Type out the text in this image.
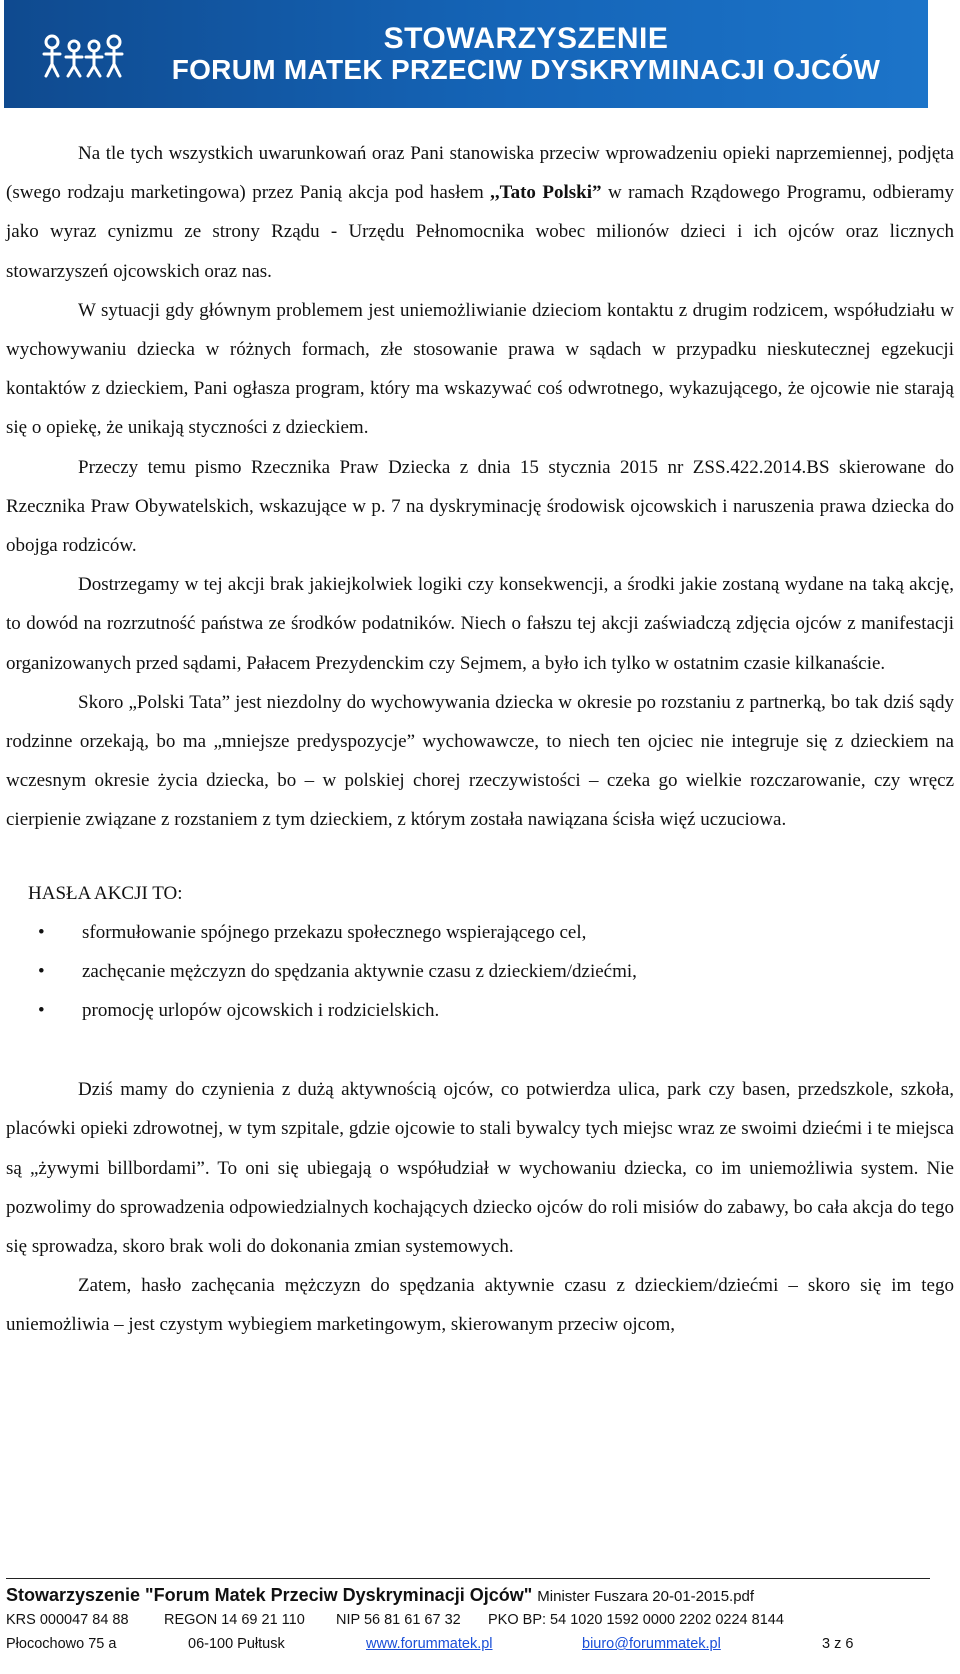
STOWARZYSZENIE
FORUM MATEK PRZECIW DYSKRYMINACJI OJCÓW

Na tle tych wszystkich uwarunkowań oraz Pani stanowiska przeciw wprowadzeniu opieki naprzemiennej, podjęta (swego rodzaju marketingowa) przez Panią akcja pod hasłem ,,Tato Polski” w ramach Rządowego Programu, odbieramy jako wyraz cynizmu ze strony Rządu - Urzędu Pełnomocnika wobec milionów dzieci i ich ojców oraz licznych stowarzyszeń ojcowskich oraz nas.

W sytuacji gdy głównym problemem jest uniemożliwianie dzieciom kontaktu z drugim rodzicem, współudziału w wychowywaniu dziecka w różnych formach, złe stosowanie prawa w sądach w przypadku nieskutecznej egzekucji kontaktów z dzieckiem, Pani ogłasza program, który ma wskazywać coś odwrotnego, wykazującego, że ojcowie nie starają się o opiekę, że unikają styczności z dzieckiem.

Przeczy temu pismo Rzecznika Praw Dziecka z dnia 15 stycznia 2015 nr ZSS.422.2014.BS skierowane do Rzecznika Praw Obywatelskich, wskazujące w p. 7 na dyskryminację środowisk ojcowskich i naruszenia prawa dziecka do obojga rodziców.

Dostrzegamy w tej akcji brak jakiejkolwiek logiki czy konsekwencji, a środki jakie zostaną wydane na taką akcję, to dowód na rozrzutność państwa ze środków podatników. Niech o fałszu tej akcji zaświadczą zdjęcia ojców z manifestacji organizowanych przed sądami, Pałacem Prezydenckim czy Sejmem, a było ich tylko w ostatnim czasie kilkanaście.

Skoro „Polski Tata” jest niezdolny do wychowywania dziecka w okresie po rozstaniu z partnerką, bo tak dziś sądy rodzinne orzekają, bo ma „mniejsze predyspozycje” wychowawcze, to niech ten ojciec nie integruje się z dzieckiem na wczesnym okresie życia dziecka, bo – w polskiej chorej rzeczywistości – czeka go wielkie rozczarowanie, czy wręcz cierpienie związane z rozstaniem z tym dzieckiem, z którym została nawiązana ścisła więź uczuciowa.

HASŁA AKCJI TO:
• sformułowanie spójnego przekazu społecznego wspierającego cel,
• zachęcanie mężczyzn do spędzania aktywnie czasu z dzieckiem/dziećmi,
• promocję urlopów ojcowskich i rodzicielskich.

Dziś mamy do czynienia z dużą aktywnością ojców, co potwierdza ulica, park czy basen, przedszkole, szkoła, placówki opieki zdrowotnej, w tym szpitale, gdzie ojcowie to stali bywalcy tych miejsc wraz ze swoimi dziećmi i te miejsca są „żywymi billbordami”. To oni się ubiegają o współudział w wychowaniu dziecka, co im uniemożliwia system. Nie pozwolimy do sprowadzenia odpowiedzialnych kochających dziecko ojców do roli misiów do zabawy, bo cała akcja do tego się sprowadza, skoro brak woli do dokonania zmian systemowych.

Zatem, hasło zachęcania mężczyzn do spędzania aktywnie czasu z dzieckiem/dziećmi – skoro się im tego uniemożliwia – jest czystym wybiegiem marketingowym, skierowanym przeciw ojcom,

Stowarzyszenie "Forum Matek Przeciw Dyskryminacji Ojców" Minister Fuszara 20-01-2015.pdf
KRS 000047 84 88 REGON 14 69 21 110 NIP 56 81 61 67 32 PKO BP: 54 1020 1592 0000 2202 0224 8144
Płocochowo 75 a	06-100 Pułtusk	www.forummatek.pl	biuro@forummatek.pl	3 z 6
